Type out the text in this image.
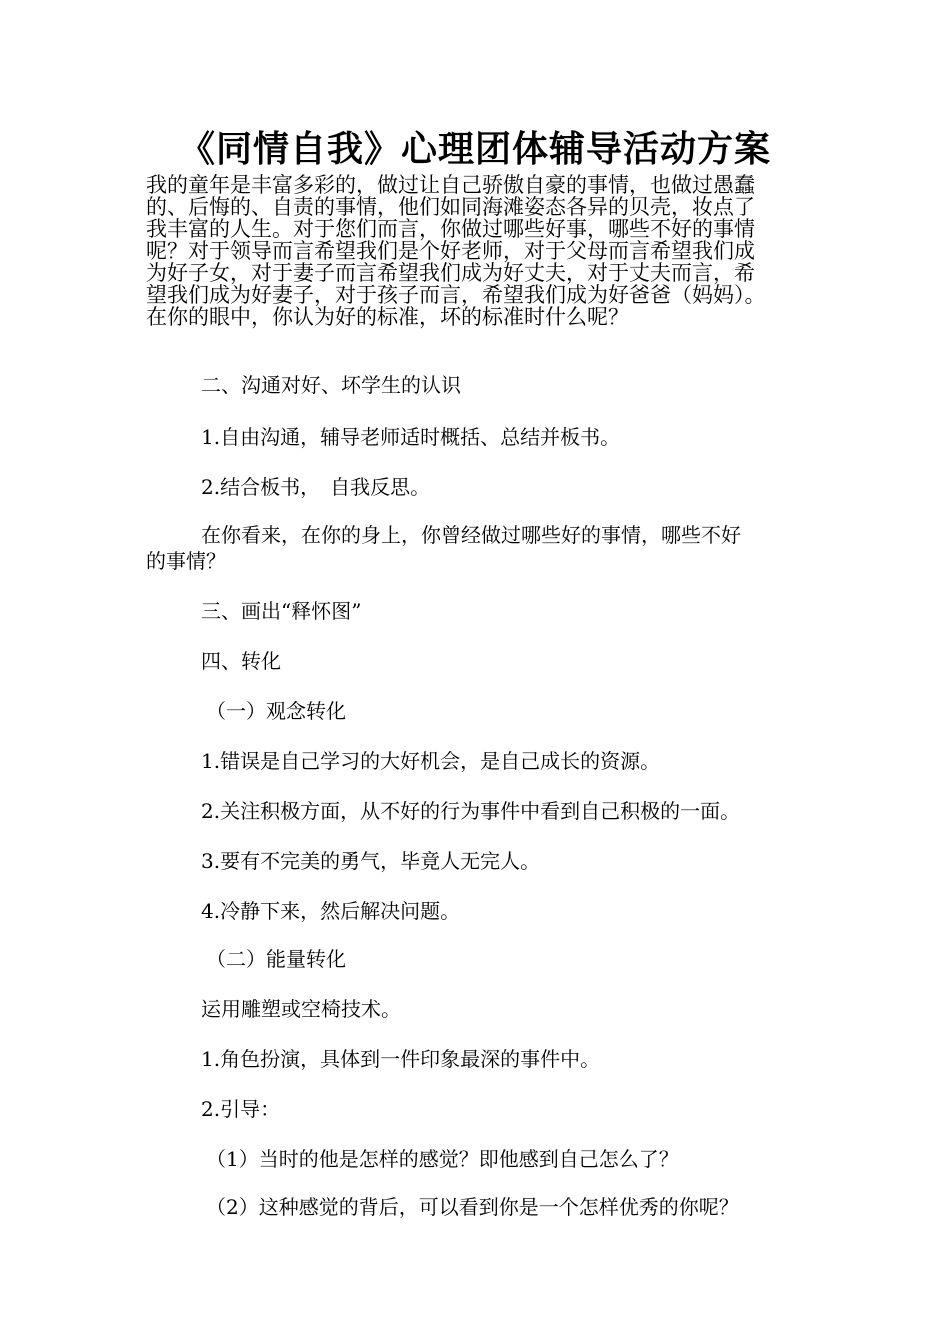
《同情自我》心理团体辅导活动方案
我的童年是丰富多彩的，做过让自己骄傲自豪的事情，也做过愚蠢
的、后悔的、自责的事情，他们如同海滩姿态各异的贝壳，妆点了
我丰富的人生。对于您们而言，你做过哪些好事，哪些不好的事情
呢？对于领导而言希望我们是个好老师，对于父母而言希望我们成
为好子女，对于妻子而言希望我们成为好丈夫，对于丈夫而言，希
望我们成为好妻子，对于孩子而言，希望我们成为好爸爸（妈妈）。
在你的眼中，你认为好的标准，坏的标准时什么呢？

二、沟通对好、坏学生的认识

1.自由沟通，辅导老师适时概括、总结并板书。

2.结合板书，　自我反思。

在你看来，在你的身上，你曾经做过哪些好的事情，哪些不好

的事情？

三、画出“释怀图”

四、转化

（一）观念转化

1.错误是自己学习的大好机会，是自己成长的资源。

2.关注积极方面，从不好的行为事件中看到自己积极的一面。

3.要有不完美的勇气，毕竟人无完人。

4.冷静下来，然后解决问题。

（二）能量转化

运用雕塑或空椅技术。

1.角色扮演，具体到一件印象最深的事件中。

2.引导：

（1）当时的他是怎样的感觉？即他感到自己怎么了？

（2）这种感觉的背后，可以看到你是一个怎样优秀的你呢？
